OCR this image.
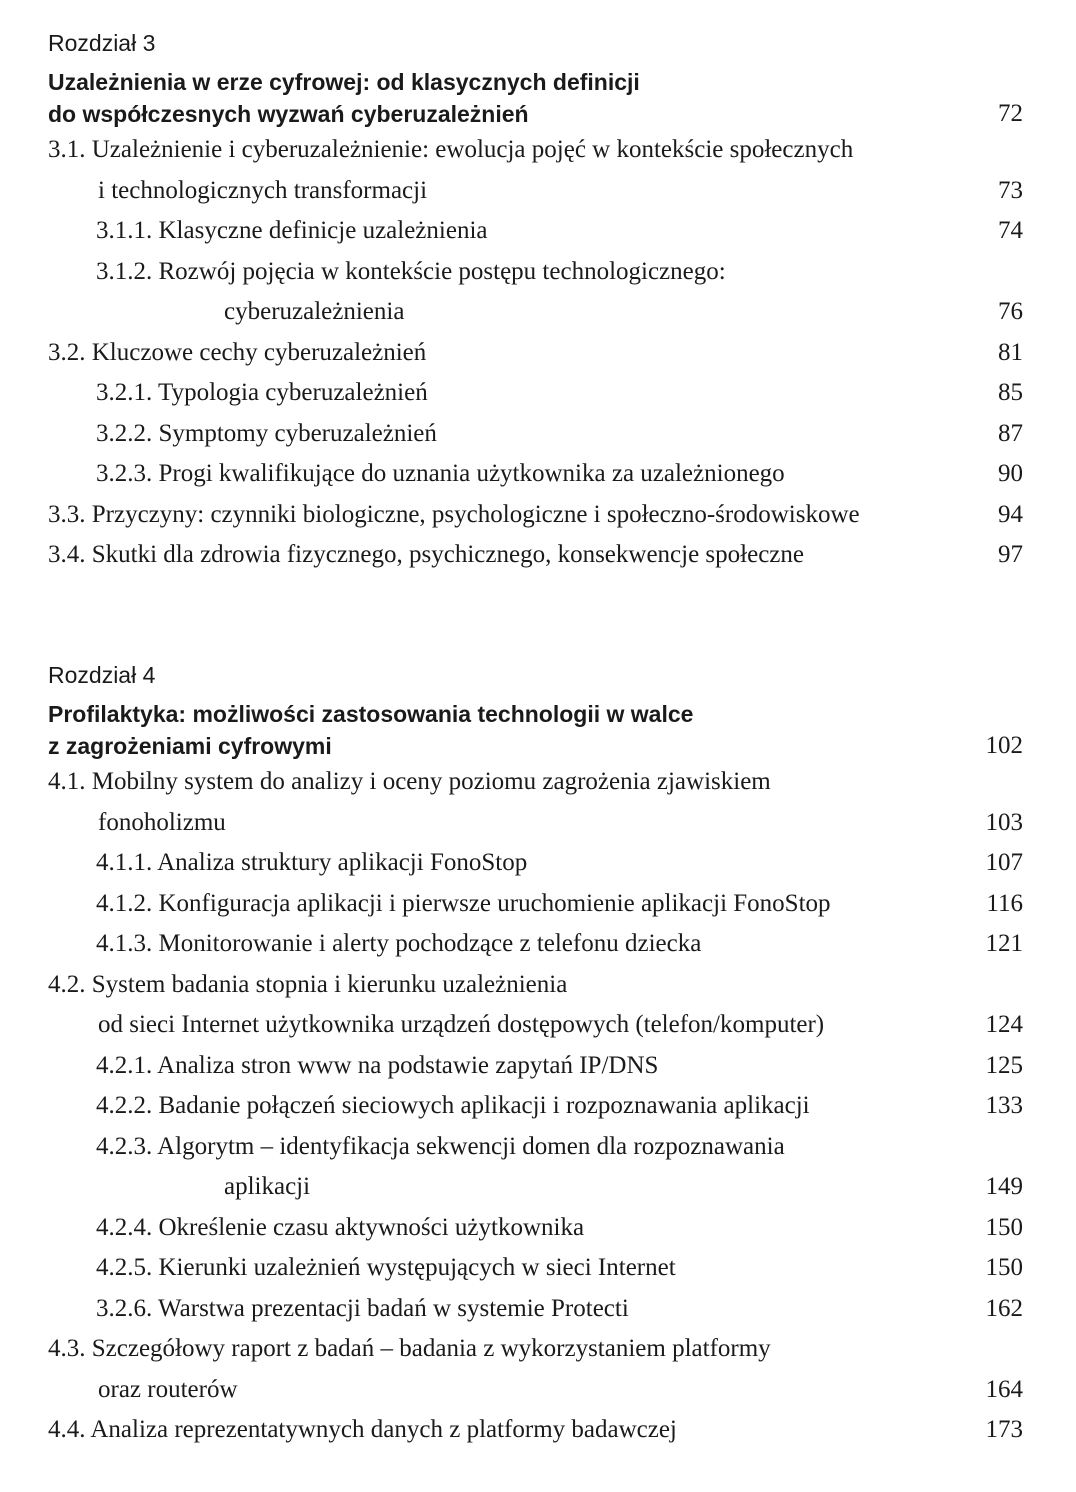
Rozdział 3
Uzależnienia w erze cyfrowej: od klasycznych definicji
do współczesnych wyzwań cyberuzależnień	72
3.1. Uzależnienie i cyberuzależnienie: ewolucja pojęć w kontekście społecznych
i technologicznych transformacji	73
3.1.1. Klasyczne definicje uzależnienia	74
3.1.2. Rozwój pojęcia w kontekście postępu technologicznego:
cyberuzależnienia	76
3.2. Kluczowe cechy cyberuzależnień	81
3.2.1. Typologia cyberuzależnień	85
3.2.2. Symptomy cyberuzależnień	87
3.2.3. Progi kwalifikujące do uznania użytkownika za uzależnionego	90
3.3. Przyczyny: czynniki biologiczne, psychologiczne i społeczno-środowiskowe	94
3.4. Skutki dla zdrowia fizycznego, psychicznego, konsekwencje społeczne	97
Rozdział 4
Profilaktyka: możliwości zastosowania technologii w walce
z zagrożeniami cyfrowymi	102
4.1. Mobilny system do analizy i oceny poziomu zagrożenia zjawiskiem
fonoholizmu	103
4.1.1. Analiza struktury aplikacji FonoStop	107
4.1.2. Konfiguracja aplikacji i pierwsze uruchomienie aplikacji FonoStop	116
4.1.3. Monitorowanie i alerty pochodzące z telefonu dziecka	121
4.2. System badania stopnia i kierunku uzależnienia
od sieci Internet użytkownika urządzeń dostępowych (telefon/komputer)	124
4.2.1. Analiza stron www na podstawie zapytań IP/DNS	125
4.2.2. Badanie połączeń sieciowych aplikacji i rozpoznawania aplikacji	133
4.2.3. Algorytm – identyfikacja sekwencji domen dla rozpoznawania
aplikacji	149
4.2.4. Określenie czasu aktywności użytkownika	150
4.2.5. Kierunki uzależnień występujących w sieci Internet	150
3.2.6. Warstwa prezentacji badań w systemie Protecti	162
4.3. Szczegółowy raport z badań – badania z wykorzystaniem platformy
oraz routerów	164
4.4. Analiza reprezentatywnych danych z platformy badawczej	173
